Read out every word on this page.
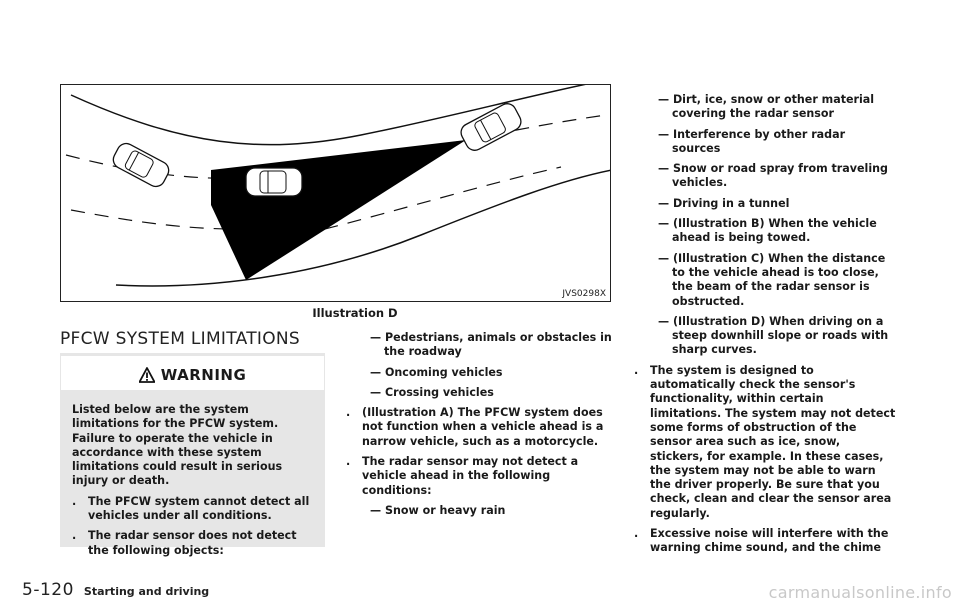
JVS0298X
Illustration D
PFCW SYSTEM LIMITATIONS
WARNING

Listed below are the system limitations for the PFCW system. Failure to operate the vehicle in accordance with these system limitations could result in serious injury or death.

. The PFCW system cannot detect all vehicles under all conditions.

. The radar sensor does not detect the following objects:

— Pedestrians, animals or obstacles in the roadway

— Oncoming vehicles

— Crossing vehicles

. (Illustration A) The PFCW system does not function when a vehicle ahead is a narrow vehicle, such as a motorcycle.

. The radar sensor may not detect a vehicle ahead in the following conditions:

— Snow or heavy rain

— Dirt, ice, snow or other material covering the radar sensor

— Interference by other radar sources

— Snow or road spray from traveling vehicles.

— Driving in a tunnel

— (Illustration B) When the vehicle ahead is being towed.

— (Illustration C) When the distance to the vehicle ahead is too close, the beam of the radar sensor is obstructed.

— (Illustration D) When driving on a steep downhill slope or roads with sharp curves.

. The system is designed to automatically check the sensor's functionality, within certain limitations. The system may not detect some forms of obstruction of the sensor area such as ice, snow, stickers, for example. In these cases, the system may not be able to warn the driver properly. Be sure that you check, clean and clear the sensor area regularly.

. Excessive noise will interfere with the warning chime sound, and the chime

5-120 Starting and driving	carmanualsonline.info
